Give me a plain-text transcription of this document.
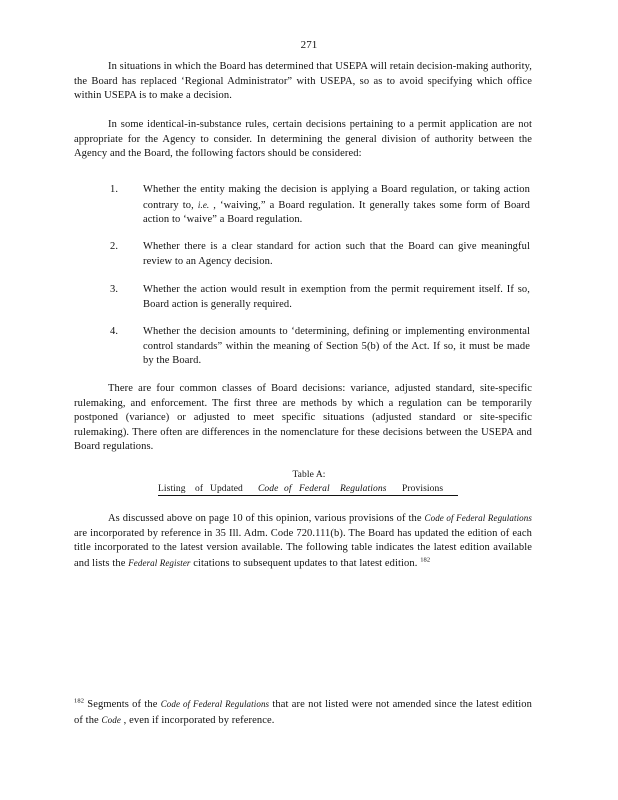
271

In situations in which the Board has determined that USEPA will retain decision-making authority, the Board has replaced ‘Regional Administrator” with USEPA, so as to avoid specifying which office within USEPA is to make a decision.

In some identical-in-substance rules, certain decisions pertaining to a permit application are not appropriate for the Agency to consider. In determining the general division of authority between the Agency and the Board, the following factors should be considered:

1.	Whether the entity making the decision is applying a Board regulation, or taking action contrary to, i.e. , ‘waiving,” a Board regulation. It generally takes some form of Board action to ‘waive” a Board regulation.
2.	Whether there is a clear standard for action such that the Board can give meaningful review to an Agency decision.
3.	Whether the action would result in exemption from the permit requirement itself. If so, Board action is generally required.
4.	Whether the decision amounts to ‘determining, defining or implementing environmental control standards” within the meaning of Section 5(b) of the Act. If so, it must be made by the Board.

There are four common classes of Board decisions: variance, adjusted standard, site-specific rulemaking, and enforcement. The first three are methods by which a regulation can be temporarily postponed (variance) or adjusted to meet specific situations (adjusted standard or site-specific rulemaking). There often are differences in the nomenclature for these decisions between the USEPA and Board regulations.

Table A:
Listing of Updated Code of Federal Regulations Provisions

As discussed above on page 10 of this opinion, various provisions of the Code of Federal Regulations are incorporated by reference in 35 Ill. Adm. Code 720.111(b). The Board has updated the edition of each title incorporated to the latest version available. The following table indicates the latest edition available and lists the Federal Register citations to subsequent updates to that latest edition. $^{182}$

$^{182}$ Segments of the Code of Federal Regulations that are not listed were not amended since the latest edition of the Code , even if incorporated by reference.
